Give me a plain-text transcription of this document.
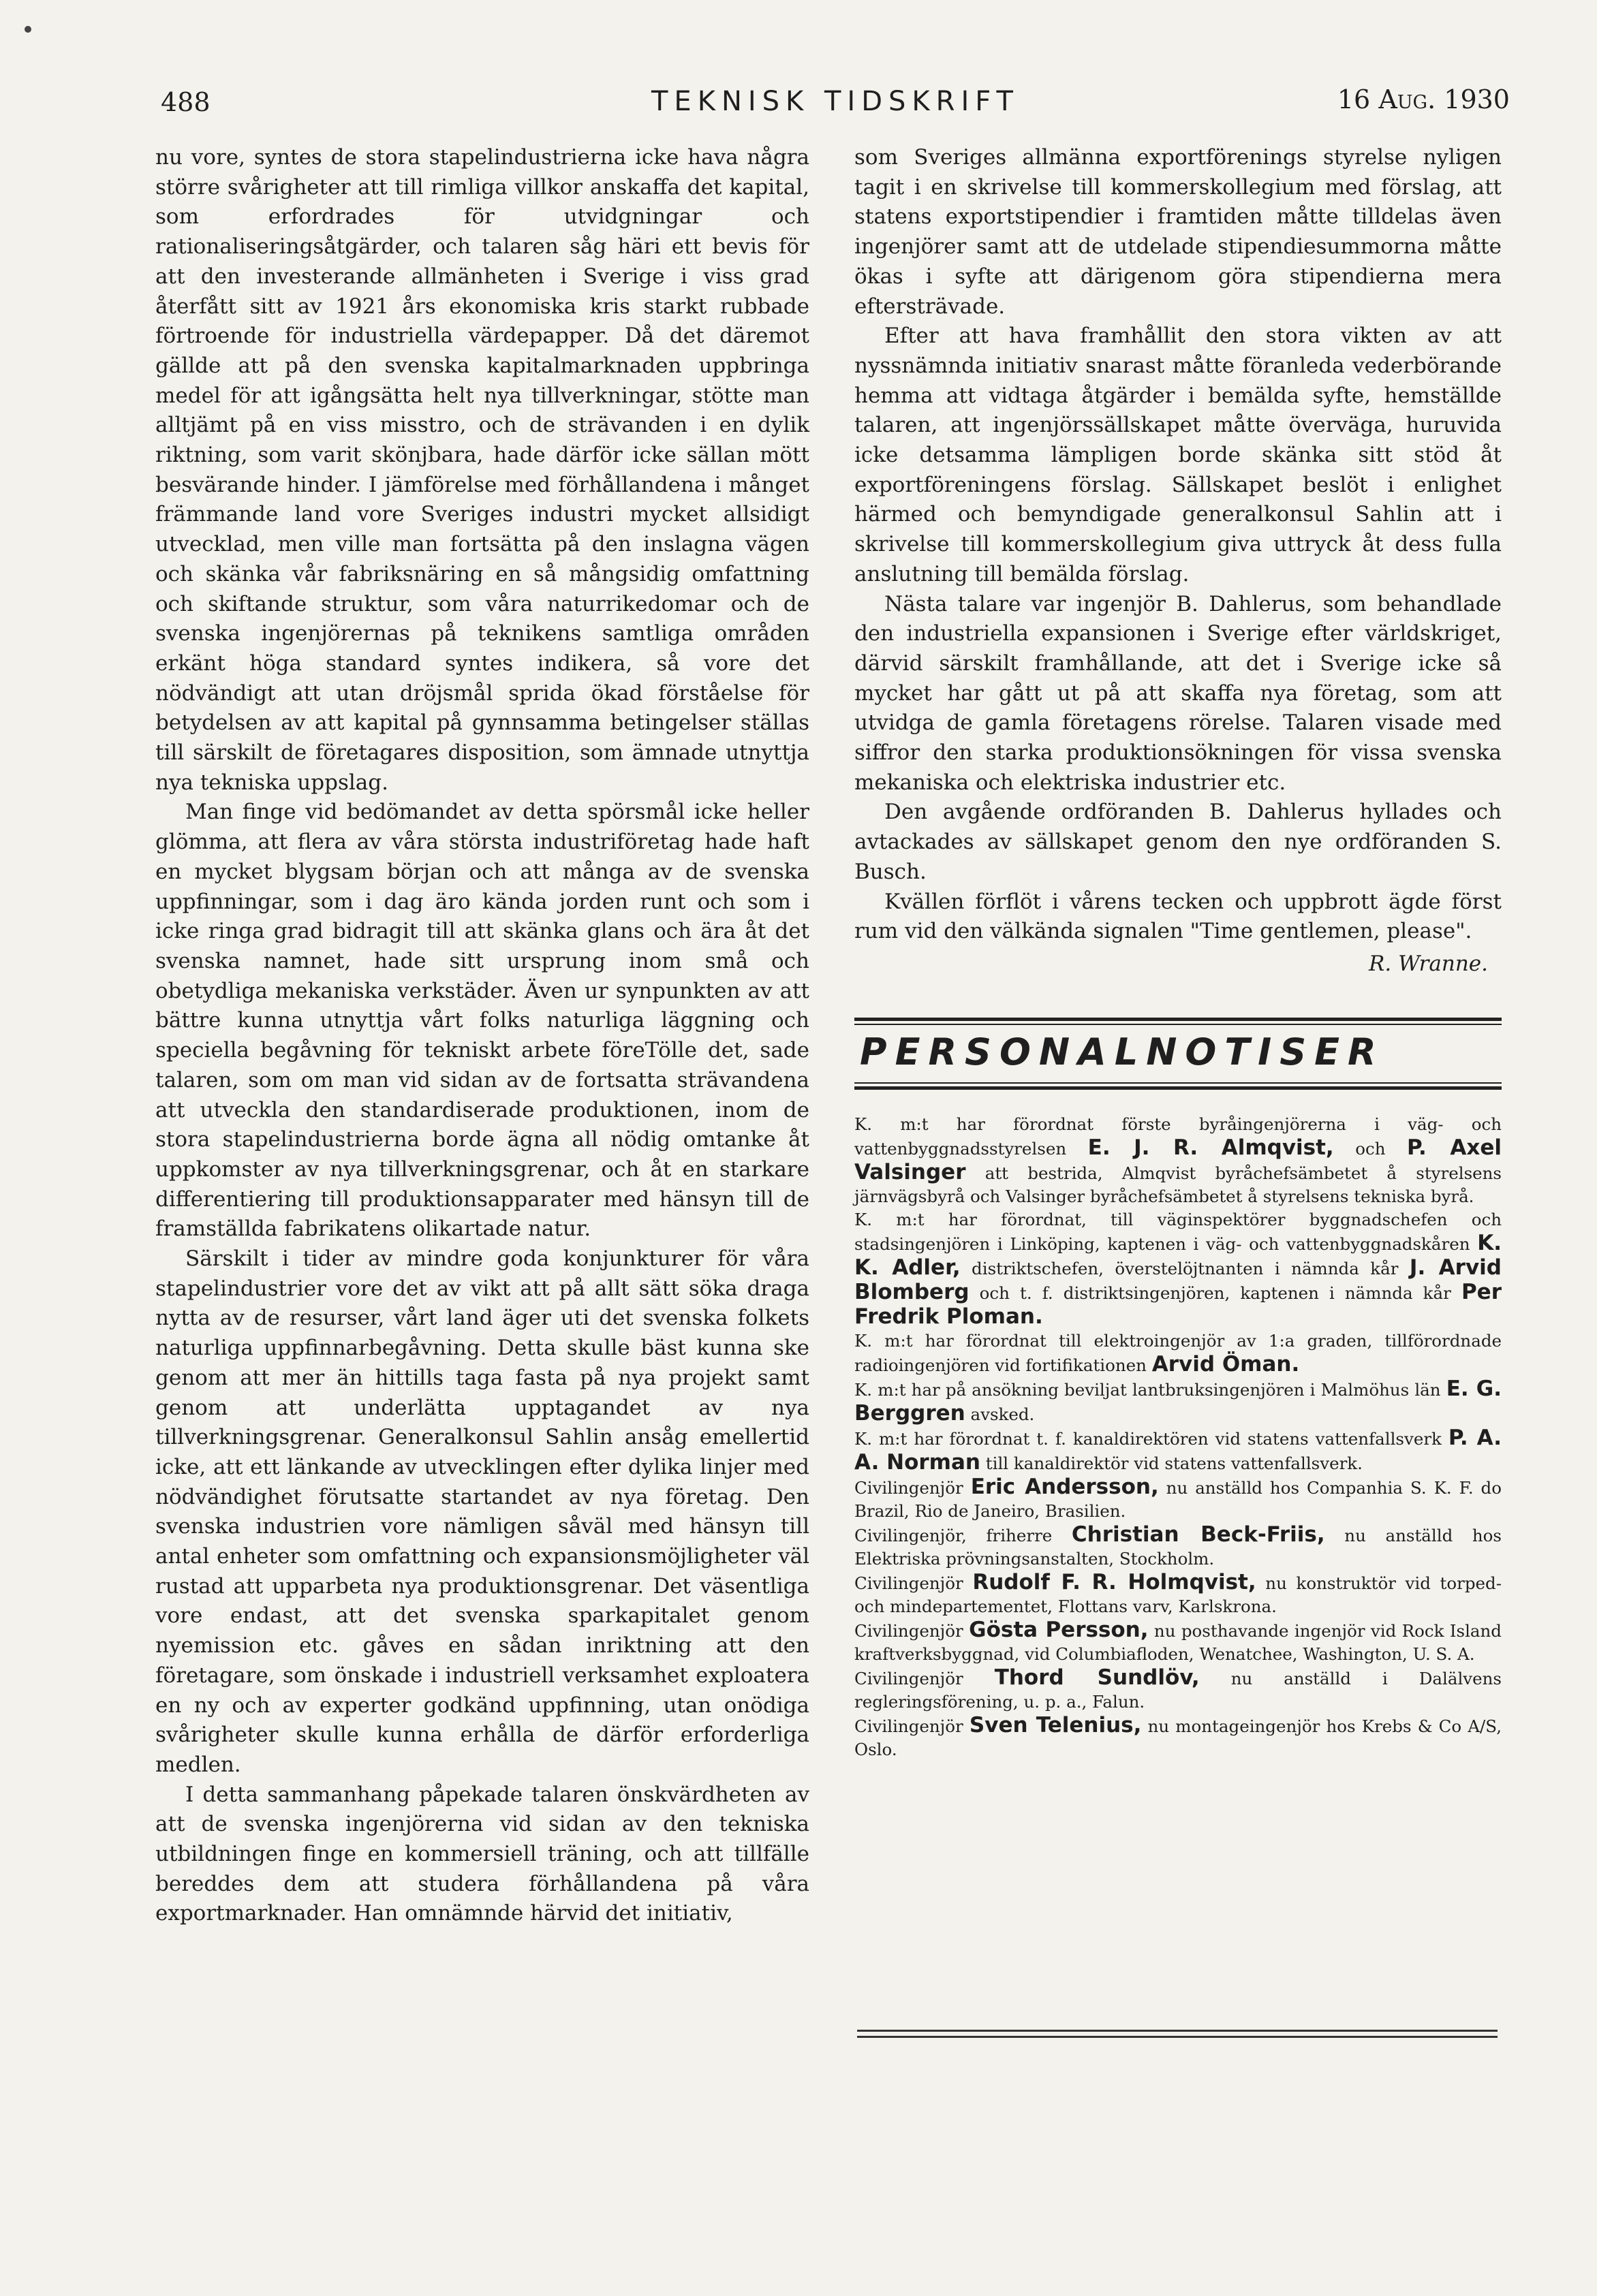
488	TEKNISK TIDSKRIFT	16 Aug. 1930

nu vore, syntes de stora stapelindustrierna icke hava några större svårigheter att till rimliga villkor anskaffa det kapital, som erfordrades för utvidgningar och rationaliseringsåtgärder, och talaren såg häri ett bevis för att den investerande allmänheten i Sverige i viss grad återfått sitt av 1921 års ekonomiska kris starkt rubbade förtroende för industriella värdepapper. Då det däremot gällde att på den svenska kapitalmarknaden uppbringa medel för att igångsätta helt nya tillverkningar, stötte man alltjämt på en viss misstro, och de strävanden i en dylik riktning, som varit skönjbara, hade därför icke sällan mött besvärande hinder. I jämförelse med förhållandena i månget främmande land vore Sveriges industri mycket allsidigt utvecklad, men ville man fortsätta på den inslagna vägen och skänka vår fabriksnäring en så mångsidig omfattning och skiftande struktur, som våra naturrikedomar och de svenska ingenjörernas på teknikens samtliga områden erkänt höga standard syntes indikera, så vore det nödvändigt att utan dröjsmål sprida ökad förståelse för betydelsen av att kapital på gynnsamma betingelser ställas till särskilt de företagares disposition, som ämnade utnyttja nya tekniska uppslag.

Man finge vid bedömandet av detta spörsmål icke heller glömma, att flera av våra största industriföretag hade haft en mycket blygsam början och att många av de svenska uppfinningar, som i dag äro kända jorden runt och som i icke ringa grad bidragit till att skänka glans och ära åt det svenska namnet, hade sitt ursprung inom små och obetydliga mekaniska verkstäder. Även ur synpunkten av att bättre kunna utnyttja vårt folks naturliga läggning och speciella begåvning för tekniskt arbete föreTölle det, sade talaren, som om man vid sidan av de fortsatta strävandena att utveckla den standardiserade produktionen, inom de stora stapelindustrierna borde ägna all nödig omtanke åt uppkomster av nya tillverkningsgrenar, och åt en starkare differentiering till produktionsapparater med hänsyn till de framställda fabrikatens olikartade natur.

Särskilt i tider av mindre goda konjunkturer för våra stapelindustrier vore det av vikt att på allt sätt söka draga nytta av de resurser, vårt land äger uti det svenska folkets naturliga uppfinnarbegåvning. Detta skulle bäst kunna ske genom att mer än hittills taga fasta på nya projekt samt genom att underlätta upptagandet av nya tillverkningsgrenar. Generalkonsul Sahlin ansåg emellertid icke, att ett länkande av utvecklingen efter dylika linjer med nödvändighet förutsatte startandet av nya företag. Den svenska industrien vore nämligen såväl med hänsyn till antal enheter som omfattning och expansionsmöjligheter väl rustad att upparbeta nya produktionsgrenar. Det väsentliga vore endast, att det svenska sparkapitalet genom nyemission etc. gåves en sådan inriktning att den företagare, som önskade i industriell verksamhet exploatera en ny och av experter godkänd uppfinning, utan onödiga svårigheter skulle kunna erhålla de därför erforderliga medlen.

I detta sammanhang påpekade talaren önskvärdheten av att de svenska ingenjörerna vid sidan av den tekniska utbildningen finge en kommersiell träning, och att tillfälle bereddes dem att studera förhållandena på våra exportmarknader. Han omnämnde härvid det initiativ,

som Sveriges allmänna exportförenings styrelse nyligen tagit i en skrivelse till kommerskollegium med förslag, att statens exportstipendier i framtiden måtte tilldelas även ingenjörer samt att de utdelade stipendiesummorna måtte ökas i syfte att därigenom göra stipendierna mera eftersträvade.

Efter att hava framhållit den stora vikten av att nyssnämnda initiativ snarast måtte föranleda vederbörande hemma att vidtaga åtgärder i bemälda syfte, hemställde talaren, att ingenjörssällskapet måtte överväga, huruvida icke detsamma lämpligen borde skänka sitt stöd åt exportföreningens förslag. Sällskapet beslöt i enlighet härmed och bemyndigade generalkonsul Sahlin att i skrivelse till kommerskollegium giva uttryck åt dess fulla anslutning till bemälda förslag.

Nästa talare var ingenjör B. Dahlerus, som behandlade den industriella expansionen i Sverige efter världskriget, därvid särskilt framhållande, att det i Sverige icke så mycket har gått ut på att skaffa nya företag, som att utvidga de gamla företagens rörelse. Talaren visade med siffror den starka produktionsökningen för vissa svenska mekaniska och elektriska industrier etc.

Den avgående ordföranden B. Dahlerus hyllades och avtackades av sällskapet genom den nye ordföranden S. Busch.

Kvällen förflöt i vårens tecken och uppbrott ägde först rum vid den välkända signalen "Time gentlemen, please".

R. Wranne.
PERSONALNOTISER

K. m:t har förordnat förste byråingenjörerna i väg- och vattenbyggnadsstyrelsen E. J. R. Almqvist, och P. Axel Valsinger att bestrida, Almqvist byråchefsämbetet å styrelsens järnvägsbyrå och Valsinger byråchefsämbetet å styrelsens tekniska byrå.

K. m:t har förordnat, till väginspektörer byggnadschefen och stadsingenjören i Linköping, kaptenen i väg- och vattenbyggnadskåren K. K. Adler, distriktschefen, överstelöjtnanten i nämnda kår J. Arvid Blomberg och t. f. distriktsingenjören, kaptenen i nämnda kår Per Fredrik Ploman.

K. m:t har förordnat till elektroingenjör av 1:a graden, tillförordnade radioingenjören vid fortifikationen Arvid Öman.

K. m:t har på ansökning beviljat lantbruksingenjören i Malmöhus län E. G. Berggren avsked.

K. m:t har förordnat t. f. kanaldirektören vid statens vattenfallsverk P. A. A. Norman till kanaldirektör vid statens vattenfallsverk.

Civilingenjör Eric Andersson, nu anställd hos Companhia S. K. F. do Brazil, Rio de Janeiro, Brasilien.

Civilingenjör, friherre Christian Beck-Friis, nu anställd hos Elektriska prövningsanstalten, Stockholm.

Civilingenjör Rudolf F. R. Holmqvist, nu konstruktör vid torped- och mindepartementet, Flottans varv, Karlskrona.

Civilingenjör Gösta Persson, nu posthavande ingenjör vid Rock Island kraftverksbyggnad, vid Columbiafloden, Wenatchee, Washington, U. S. A.

Civilingenjör Thord Sundlöv, nu anställd i Dalälvens regleringsförening, u. p. a., Falun.

Civilingenjör Sven Telenius, nu montageingenjör hos Krebs & Co A/S, Oslo.
